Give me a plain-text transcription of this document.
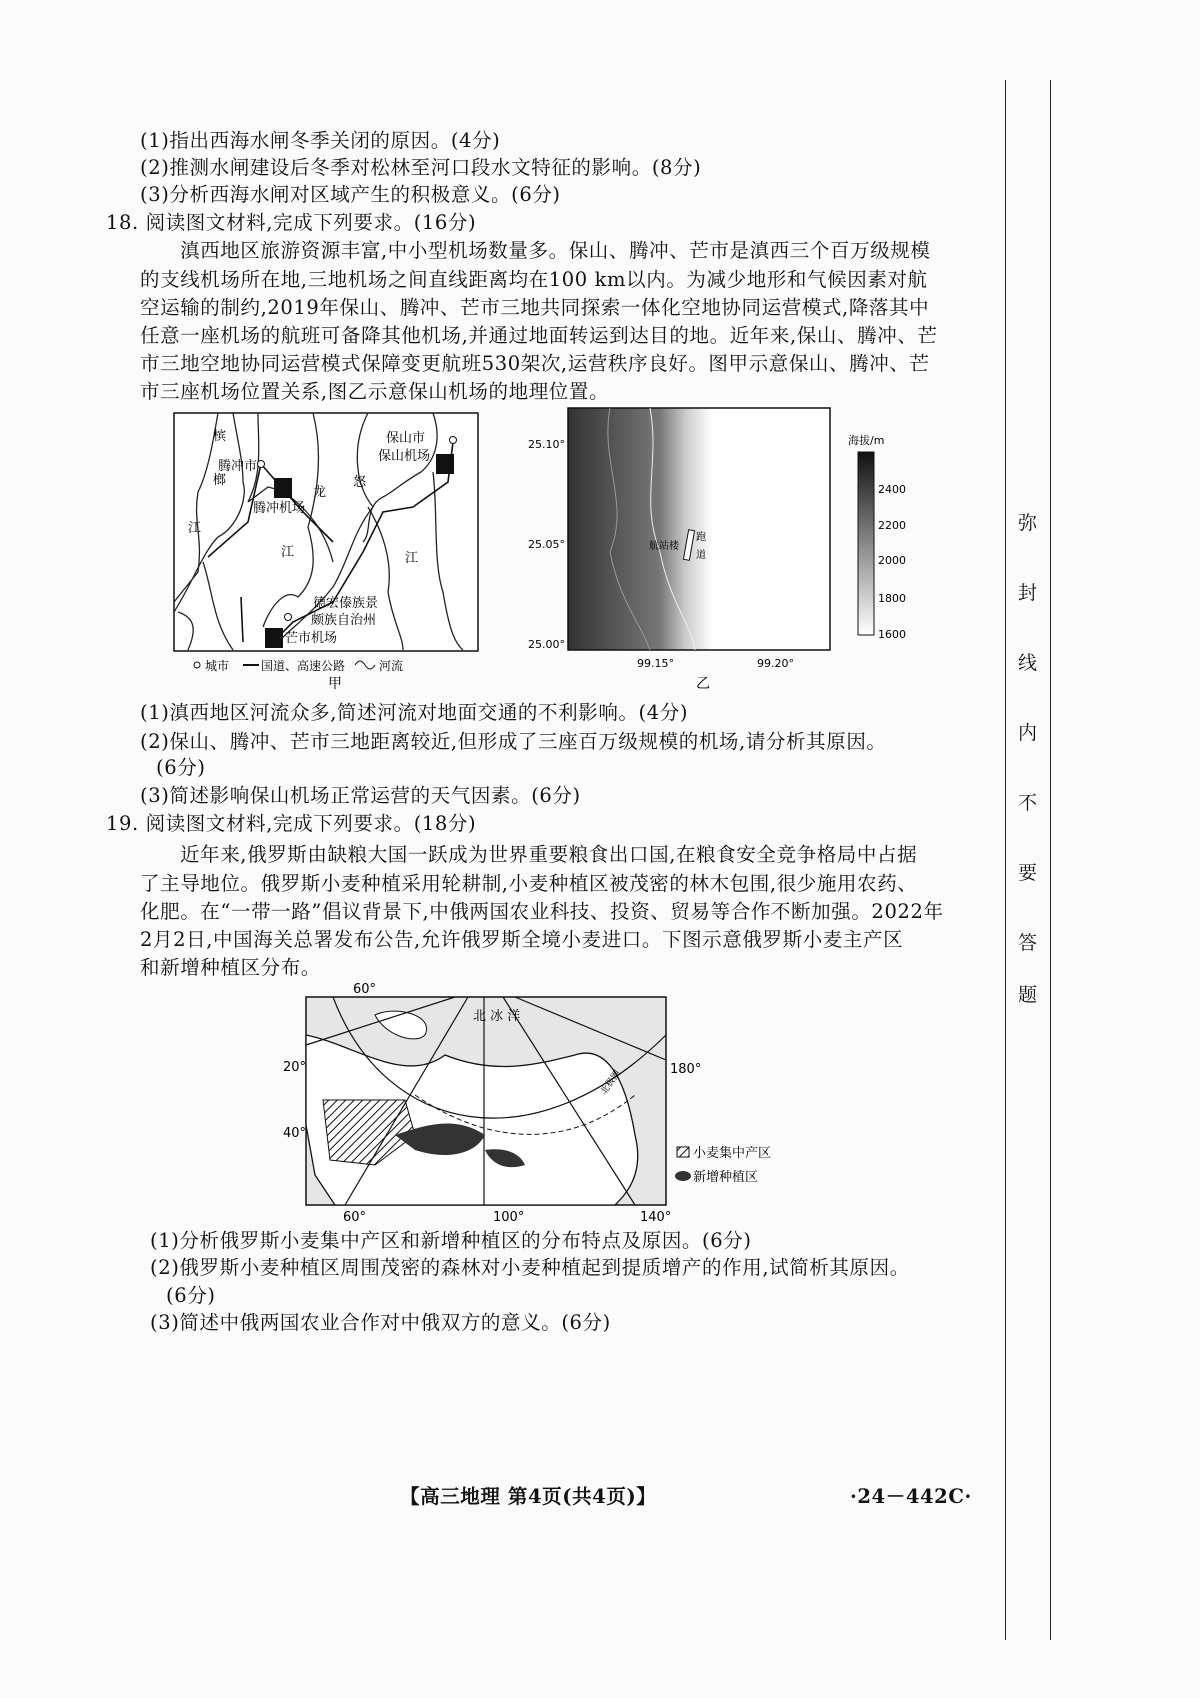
弥
封
线
内
不
要
答
题
(1)指出西海水闸冬季关闭的原因。(4分)
(2)推测水闸建设后冬季对松林至河口段水文特征的影响。(8分)
(3)分析西海水闸对区域产生的积极意义。(6分)
18. 阅读图文材料,完成下列要求。(16分)
滇西地区旅游资源丰富,中小型机场数量多。保山、腾冲、芒市是滇西三个百万级规模
的支线机场所在地,三地机场之间直线距离均在100 km以内。为减少地形和气候因素对航
空运输的制约,2019年保山、腾冲、芒市三地共同探索一体化空地协同运营模式,降落其中
任意一座机场的航班可备降其他机场,并通过地面转运到达目的地。近年来,保山、腾冲、芒
市三地空地协同运营模式保障变更航班530架次,运营秩序良好。图甲示意保山、腾冲、芒
市三座机场位置关系,图乙示意保山机场的地理位置。
槟
榔
江
腾冲市
腾冲机场
龙
江
怒
江
保山市
保山机场
德宏傣族景
颇族自治州
芒市机场
城市	国道、高速公路	河流
甲
航站楼
跑
道
25.10°
25.05°
25.00°
99.15°	99.20°
海拔/m
2400
2200
2000
1800
1600
乙
(1)滇西地区河流众多,简述河流对地面交通的不利影响。(4分)
(2)保山、腾冲、芒市三地距离较近,但形成了三座百万级规模的机场,请分析其原因。
(6分)
(3)简述影响保山机场正常运营的天气因素。(6分)
19. 阅读图文材料,完成下列要求。(18分)
近年来,俄罗斯由缺粮大国一跃成为世界重要粮食出口国,在粮食安全竞争格局中占据
了主导地位。俄罗斯小麦种植采用轮耕制,小麦种植区被茂密的林木包围,很少施用农药、
化肥。在“一带一路”倡议背景下,中俄两国农业科技、投资、贸易等合作不断加强。2022年
2月2日,中国海关总署发布公告,允许俄罗斯全境小麦进口。下图示意俄罗斯小麦主产区
和新增种植区分布。
北极圈
北 冰 洋
60°
20°
40°
180°
60°	100°	140°
小麦集中产区
新增种植区
(1)分析俄罗斯小麦集中产区和新增种植区的分布特点及原因。(6分)
(2)俄罗斯小麦种植区周围茂密的森林对小麦种植起到提质增产的作用,试简析其原因。
(6分)
(3)简述中俄两国农业合作对中俄双方的意义。(6分)
【高三地理 第4页(共4页)】	·24－442C·
